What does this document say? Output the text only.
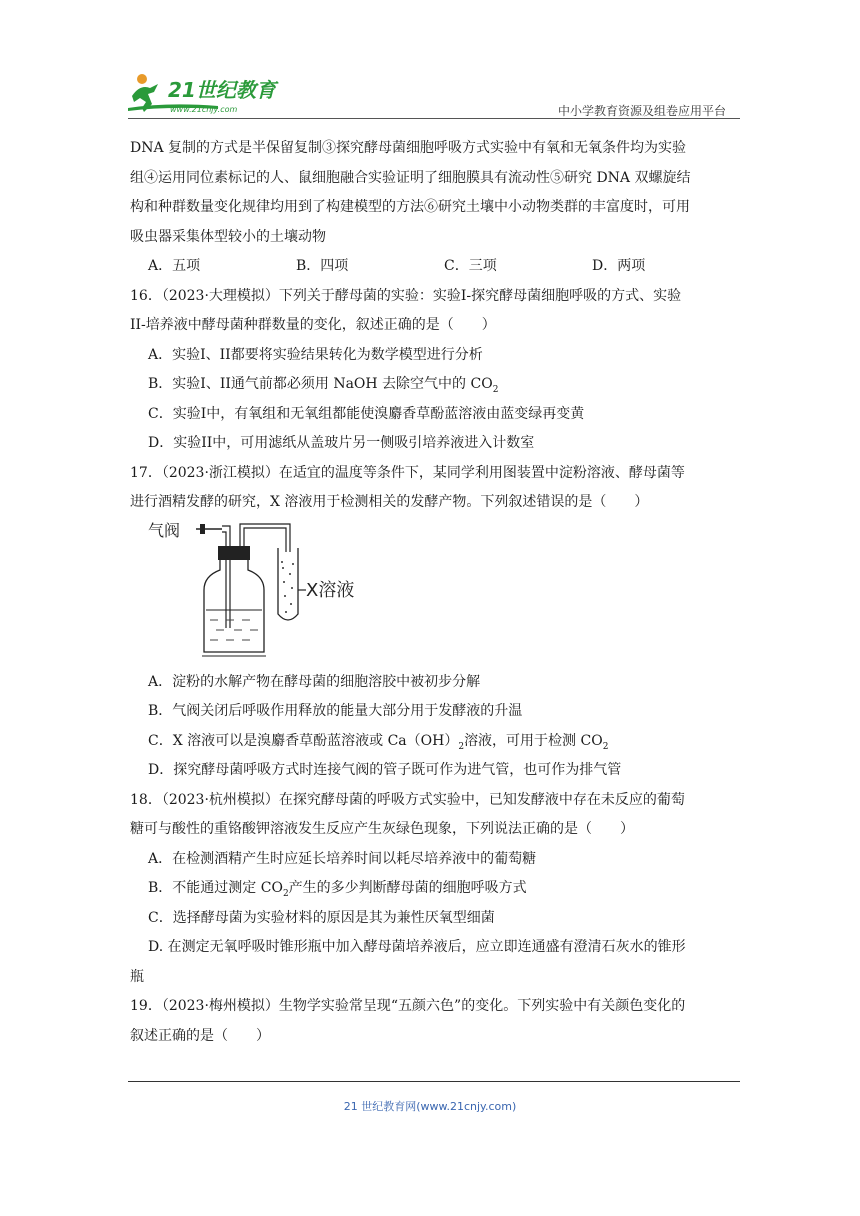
21世纪教育
www.21cnjy.com	中小学教育资源及组卷应用平台
DNA 复制的方式是半保留复制③探究酵母菌细胞呼吸方式实验中有氧和无氧条件均为实验
组④运用同位素标记的人、鼠细胞融合实验证明了细胞膜具有流动性⑤研究 DNA 双螺旋结
构和种群数量变化规律均用到了构建模型的方法⑥研究土壤中小动物类群的丰富度时，可用
吸虫器采集体型较小的土壤动物
A．五项	B．四项	C．三项	D．两项
16．（2023·大理模拟）下列关于酵母菌的实验：实验I-探究酵母菌细胞呼吸的方式、实验
II-培养液中酵母菌种群数量的变化，叙述正确的是（　　）
A．实验I、II都要将实验结果转化为数学模型进行分析
B．实验I、II通气前都必须用 NaOH 去除空气中的 $CO_2$
C．实验I中，有氧组和无氧组都能使溴麝香草酚蓝溶液由蓝变绿再变黄
D．实验II中，可用滤纸从盖玻片另一侧吸引培养液进入计数室
17．（2023·浙江模拟）在适宜的温度等条件下，某同学利用图装置中淀粉溶液、酵母菌等
进行酒精发酵的研究，X 溶液用于检测相关的发酵产物。下列叙述错误的是（　　）
气阀
X溶液
A．淀粉的水解产物在酵母菌的细胞溶胶中被初步分解
B．气阀关闭后呼吸作用释放的能量大部分用于发酵液的升温
C．X 溶液可以是溴麝香草酚蓝溶液或 $Ca(OH)_2$溶液，可用于检测 $CO_2$
D．探究酵母菌呼吸方式时连接气阀的管子既可作为进气管，也可作为排气管
18．（2023·杭州模拟）在探究酵母菌的呼吸方式实验中，已知发酵液中存在未反应的葡萄
糖可与酸性的重铬酸钾溶液发生反应产生灰绿色现象，下列说法正确的是（　　）
A．在检测酒精产生时应延长培养时间以耗尽培养液中的葡萄糖
B．不能通过测定 $CO_2$产生的多少判断酵母菌的细胞呼吸方式
C．选择酵母菌为实验材料的原因是其为兼性厌氧型细菌
D. 在测定无氧呼吸时锥形瓶中加入酵母菌培养液后，应立即连通盛有澄清石灰水的锥形
瓶
19．（2023·梅州模拟）生物学实验常呈现“五颜六色”的变化。下列实验中有关颜色变化的
叙述正确的是（　　）
21 世纪教育网(www.21cnjy.com)
